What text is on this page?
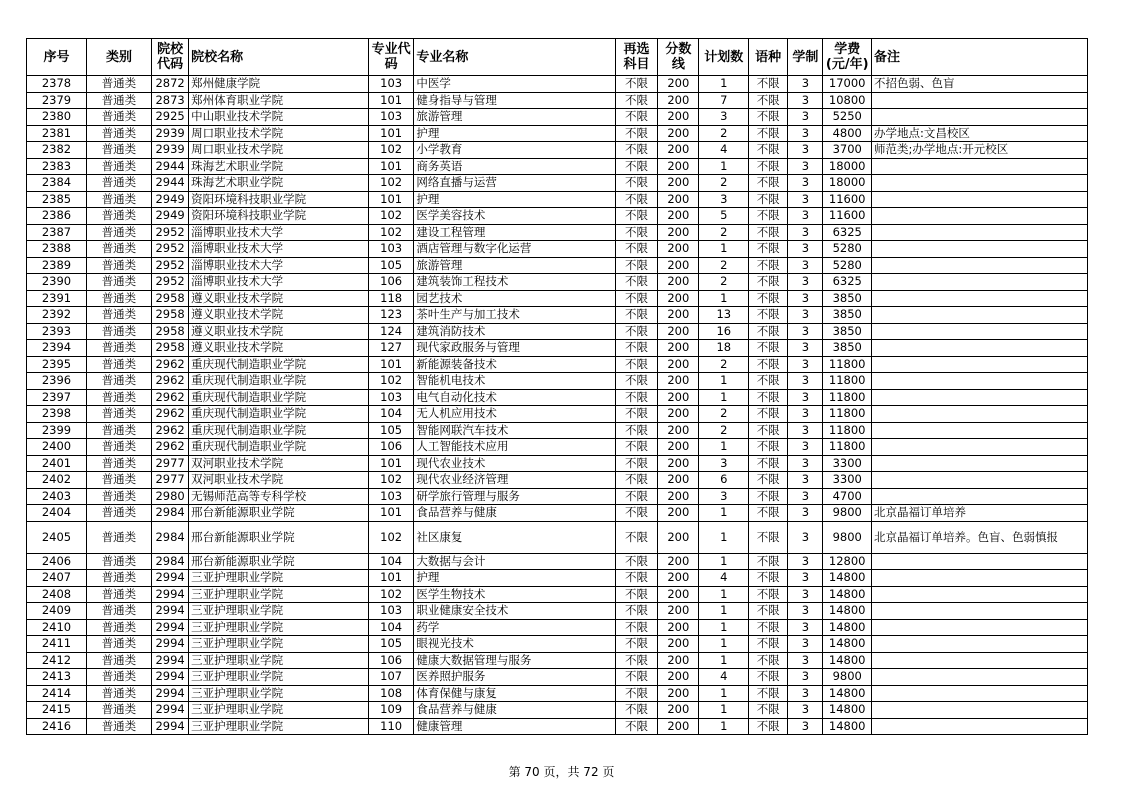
序号	类别	院校代码	院校名称	专业代码	专业名称	再选科目	分数线	计划数	语种	学制	学费(元/年)	备注
2378	普通类	2872	郑州健康学院	103	中医学	不限	200	1	不限	3	17000	不招色弱、色盲
2379	普通类	2873	郑州体育职业学院	101	健身指导与管理	不限	200	7	不限	3	10800	
2380	普通类	2925	中山职业技术学院	103	旅游管理	不限	200	3	不限	3	5250	
2381	普通类	2939	周口职业技术学院	101	护理	不限	200	2	不限	3	4800	办学地点:文昌校区
2382	普通类	2939	周口职业技术学院	102	小学教育	不限	200	4	不限	3	3700	师范类;办学地点:开元校区
2383	普通类	2944	珠海艺术职业学院	101	商务英语	不限	200	1	不限	3	18000	
2384	普通类	2944	珠海艺术职业学院	102	网络直播与运营	不限	200	2	不限	3	18000	
2385	普通类	2949	资阳环境科技职业学院	101	护理	不限	200	3	不限	3	11600	
2386	普通类	2949	资阳环境科技职业学院	102	医学美容技术	不限	200	5	不限	3	11600	
2387	普通类	2952	淄博职业技术大学	102	建设工程管理	不限	200	2	不限	3	6325	
2388	普通类	2952	淄博职业技术大学	103	酒店管理与数字化运营	不限	200	1	不限	3	5280	
2389	普通类	2952	淄博职业技术大学	105	旅游管理	不限	200	2	不限	3	5280	
2390	普通类	2952	淄博职业技术大学	106	建筑装饰工程技术	不限	200	2	不限	3	6325	
2391	普通类	2958	遵义职业技术学院	118	园艺技术	不限	200	1	不限	3	3850	
2392	普通类	2958	遵义职业技术学院	123	茶叶生产与加工技术	不限	200	13	不限	3	3850	
2393	普通类	2958	遵义职业技术学院	124	建筑消防技术	不限	200	16	不限	3	3850	
2394	普通类	2958	遵义职业技术学院	127	现代家政服务与管理	不限	200	18	不限	3	3850	
2395	普通类	2962	重庆现代制造职业学院	101	新能源装备技术	不限	200	2	不限	3	11800	
2396	普通类	2962	重庆现代制造职业学院	102	智能机电技术	不限	200	1	不限	3	11800	
2397	普通类	2962	重庆现代制造职业学院	103	电气自动化技术	不限	200	1	不限	3	11800	
2398	普通类	2962	重庆现代制造职业学院	104	无人机应用技术	不限	200	2	不限	3	11800	
2399	普通类	2962	重庆现代制造职业学院	105	智能网联汽车技术	不限	200	2	不限	3	11800	
2400	普通类	2962	重庆现代制造职业学院	106	人工智能技术应用	不限	200	1	不限	3	11800	
2401	普通类	2977	双河职业技术学院	101	现代农业技术	不限	200	3	不限	3	3300	
2402	普通类	2977	双河职业技术学院	102	现代农业经济管理	不限	200	6	不限	3	3300	
2403	普通类	2980	无锡师范高等专科学校	103	研学旅行管理与服务	不限	200	3	不限	3	4700	
2404	普通类	2984	邢台新能源职业学院	101	食品营养与健康	不限	200	1	不限	3	9800	北京晶福订单培养
2405	普通类	2984	邢台新能源职业学院	102	社区康复	不限	200	1	不限	3	9800	北京晶福订单培养。色盲、色弱慎报
2406	普通类	2984	邢台新能源职业学院	104	大数据与会计	不限	200	1	不限	3	12800	
2407	普通类	2994	三亚护理职业学院	101	护理	不限	200	4	不限	3	14800	
2408	普通类	2994	三亚护理职业学院	102	医学生物技术	不限	200	1	不限	3	14800	
2409	普通类	2994	三亚护理职业学院	103	职业健康安全技术	不限	200	1	不限	3	14800	
2410	普通类	2994	三亚护理职业学院	104	药学	不限	200	1	不限	3	14800	
2411	普通类	2994	三亚护理职业学院	105	眼视光技术	不限	200	1	不限	3	14800	
2412	普通类	2994	三亚护理职业学院	106	健康大数据管理与服务	不限	200	1	不限	3	14800	
2413	普通类	2994	三亚护理职业学院	107	医养照护服务	不限	200	4	不限	3	9800	
2414	普通类	2994	三亚护理职业学院	108	体育保健与康复	不限	200	1	不限	3	14800	
2415	普通类	2994	三亚护理职业学院	109	食品营养与健康	不限	200	1	不限	3	14800	
2416	普通类	2994	三亚护理职业学院	110	健康管理	不限	200	1	不限	3	14800	
第 70 页，共 72 页
